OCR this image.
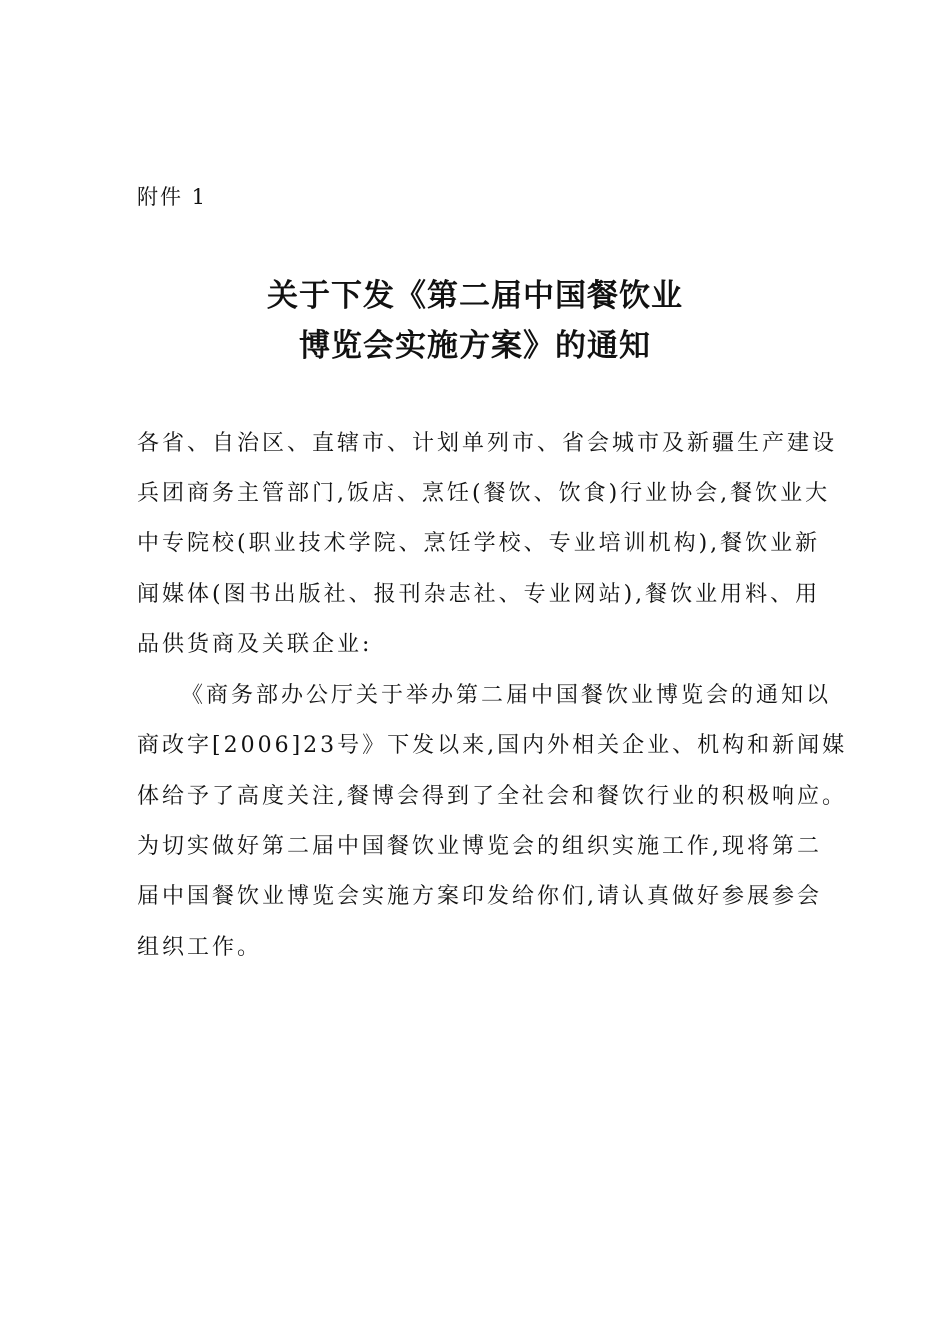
附件 1
关于下发《第二届中国餐饮业
博览会实施方案》的通知
各省、自治区、直辖市、计划单列市、省会城市及新疆生产建设
兵团商务主管部门,饭店、烹饪(餐饮、饮食)行业协会,餐饮业大
中专院校(职业技术学院、烹饪学校、专业培训机构),餐饮业新
闻媒体(图书出版社、报刊杂志社、专业网站),餐饮业用料、用
品供货商及关联企业:
《商务部办公厅关于举办第二届中国餐饮业博览会的通知以
商改字[2006]23号》下发以来,国内外相关企业、机构和新闻媒
体给予了高度关注,餐博会得到了全社会和餐饮行业的积极响应。
为切实做好第二届中国餐饮业博览会的组织实施工作,现将第二
届中国餐饮业博览会实施方案印发给你们,请认真做好参展参会
组织工作。
